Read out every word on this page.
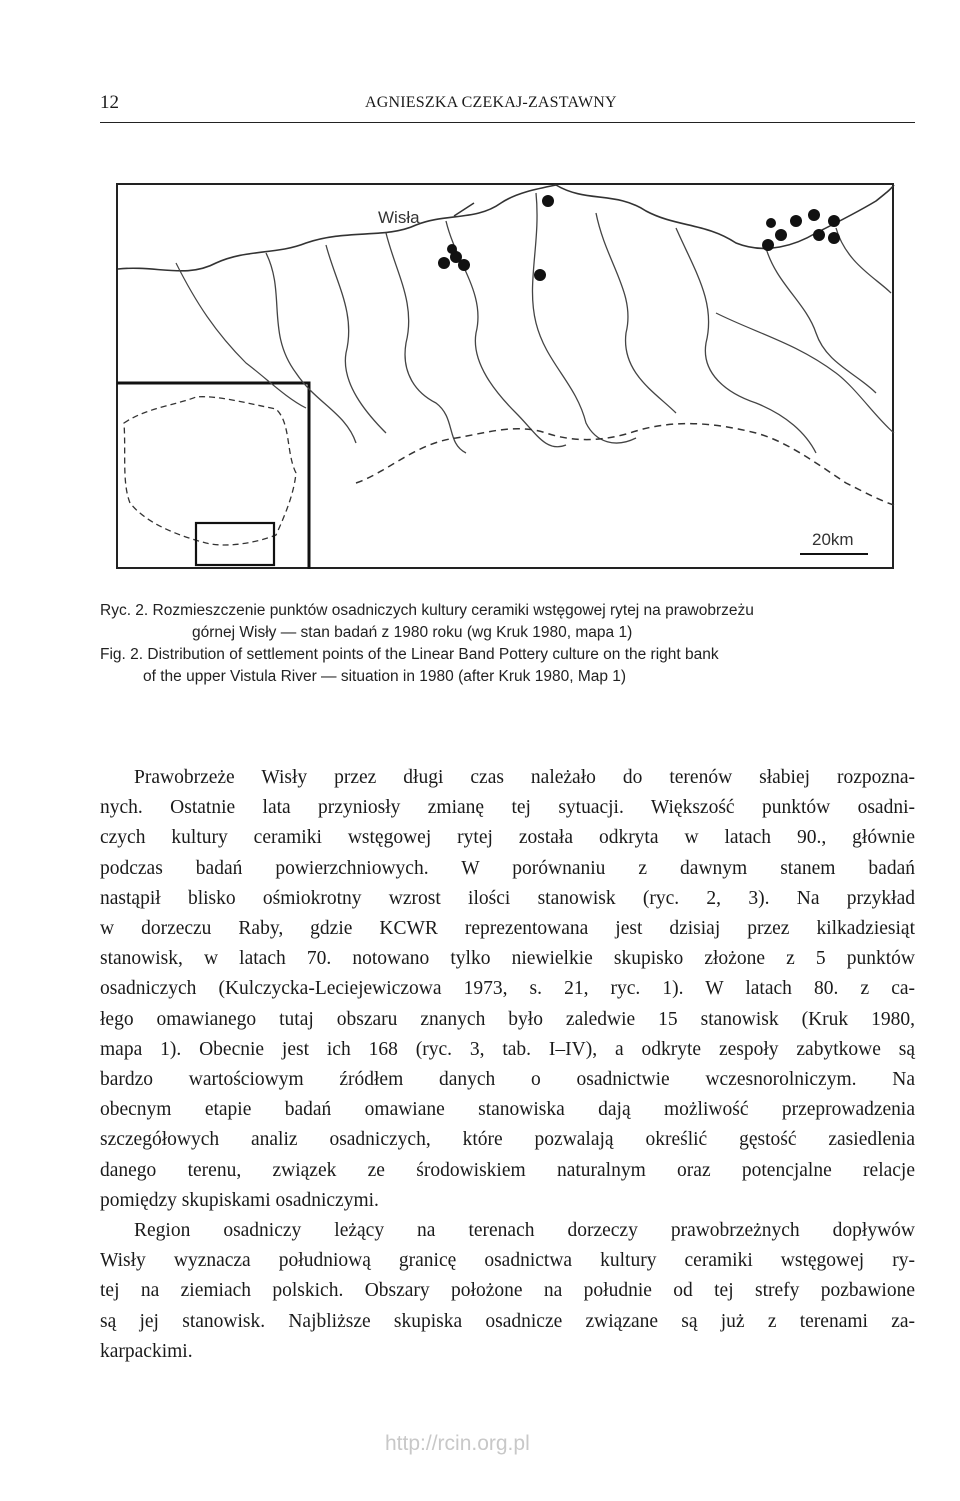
12	AGNIESZKA CZEKAJ-ZASTAWNY
Wisła
20km
Ryc. 2. Rozmieszczenie punktów osadniczych kultury ceramiki wstęgowej rytej na prawobrzeżu
górnej Wisły — stan badań z 1980 roku (wg Kruk 1980, mapa 1)
Fig. 2. Distribution of settlement points of the Linear Band Pottery culture on the right bank
of the upper Vistula River — situation in 1980 (after Kruk 1980, Map 1)
Prawobrzeże Wisły przez długi czas należało do terenów słabiej rozpozna-
nych. Ostatnie lata przyniosły zmianę tej sytuacji. Większość punktów osadni-
czych kultury ceramiki wstęgowej rytej została odkryta w latach 90., głównie
podczas badań powierzchniowych. W porównaniu z dawnym stanem badań
nastąpił blisko ośmiokrotny wzrost ilości stanowisk (ryc. 2, 3). Na przykład
w dorzeczu Raby, gdzie KCWR reprezentowana jest dzisiaj przez kilkadziesiąt
stanowisk, w latach 70. notowano tylko niewielkie skupisko złożone z 5 punktów
osadniczych (Kulczycka-Leciejewiczowa 1973, s. 21, ryc. 1). W latach 80. z ca-
łego omawianego tutaj obszaru znanych było zaledwie 15 stanowisk (Kruk 1980,
mapa 1). Obecnie jest ich 168 (ryc. 3, tab. I–IV), a odkryte zespoły zabytkowe są
bardzo wartościowym źródłem danych o osadnictwie wczesnorolniczym. Na
obecnym etapie badań omawiane stanowiska dają możliwość przeprowadzenia
szczegółowych analiz osadniczych, które pozwalają określić gęstość zasiedlenia
danego terenu, związek ze środowiskiem naturalnym oraz potencjalne relacje
pomiędzy skupiskami osadniczymi.
Region osadniczy leżący na terenach dorzeczy prawobrzeżnych dopływów
Wisły wyznacza południową granicę osadnictwa kultury ceramiki wstęgowej ry-
tej na ziemiach polskich. Obszary położone na południe od tej strefy pozbawione
są jej stanowisk. Najbliższe skupiska osadnicze związane są już z terenami za-
karpackimi.
http://rcin.org.pl
